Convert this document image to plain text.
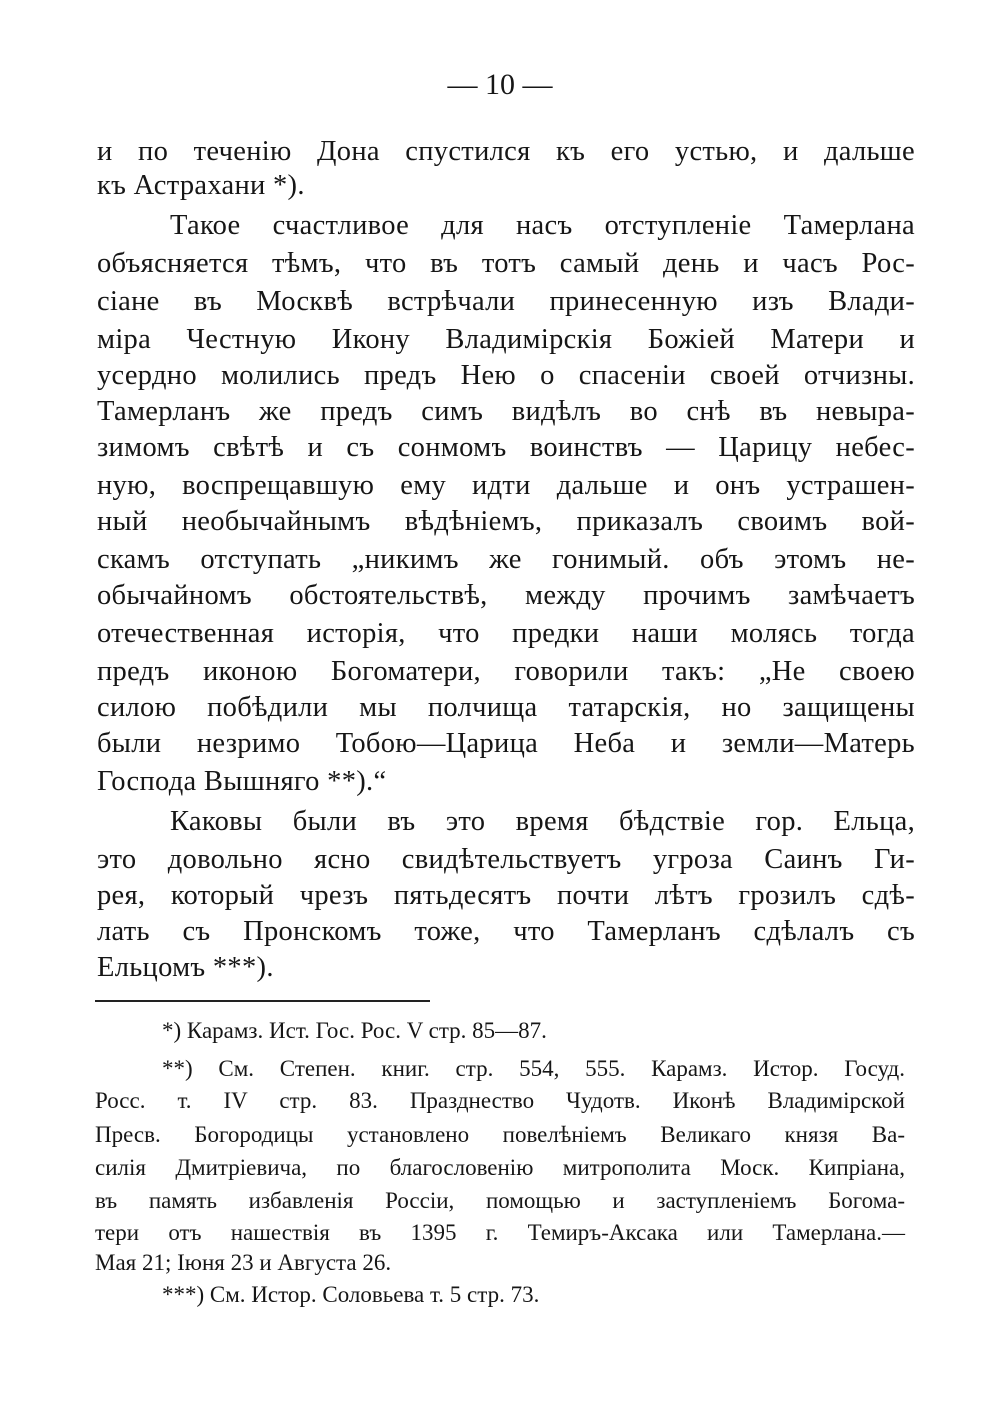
— 10 —
и по теченію Дона спустился къ его устью, и дальше
къ Астрахани *).
Такое счастливое для насъ отступленіе Тамерлана
объясняется тѣмъ, что въ тотъ самый день и часъ Рос-
сіане въ Москвѣ встрѣчали принесенную изъ Влади-
міра Честную Икону Владимірскія Божіей Матери и
усердно молились предъ Нею о спасеніи своей отчизны.
Тамерланъ же предъ симъ видѣлъ во снѣ въ невыра-
зимомъ свѣтѣ и съ сонмомъ воинствъ — Царицу небес-
ную, воспрещавшую ему идти дальше и онъ устрашен-
ный необычайнымъ вѣдѣніемъ, приказалъ своимъ вой-
скамъ отступать „никимъ же гонимый. объ этомъ не-
обычайномъ обстоятельствѣ, между прочимъ замѣчаетъ
отечественная исторія, что предки наши молясь тогда
предъ иконою Богоматери, говорили такъ: „Не своею
силою побѣдили мы полчища татарскія, но защищены
были незримо Тобою—Царица Неба и земли—Матерь
Господа Вышняго **).“
Каковы были въ это время бѣдствіе гор. Ельца,
это довольно ясно свидѣтельствуетъ угроза Саинъ Ги-
рея, который чрезъ пятьдесятъ почти лѣтъ грозилъ сдѣ-
лать съ Пронскомъ тоже, что Тамерланъ сдѣлалъ съ
Ельцомъ ***).
*) Карамз. Ист. Гос. Рос. V стр. 85—87.
**) См. Степен. книг. стр. 554, 555. Карамз. Истор. Госуд.
Росс. т. IV стр. 83. Празднество Чудотв. Иконѣ Владимірской
Пресв. Богородицы установлено повелѣніемъ Великаго князя Ва-
силія Дмитріевича, по благословенію митрополита Моск. Кипріана,
въ память избавленія Россіи, помощью и заступленіемъ Богома-
тери отъ нашествія въ 1395 г. Темиръ-Аксака или Тамерлана.—
Мая 21; Іюня 23 и Августа 26.
***) См. Истор. Соловьева т. 5 стр. 73.
